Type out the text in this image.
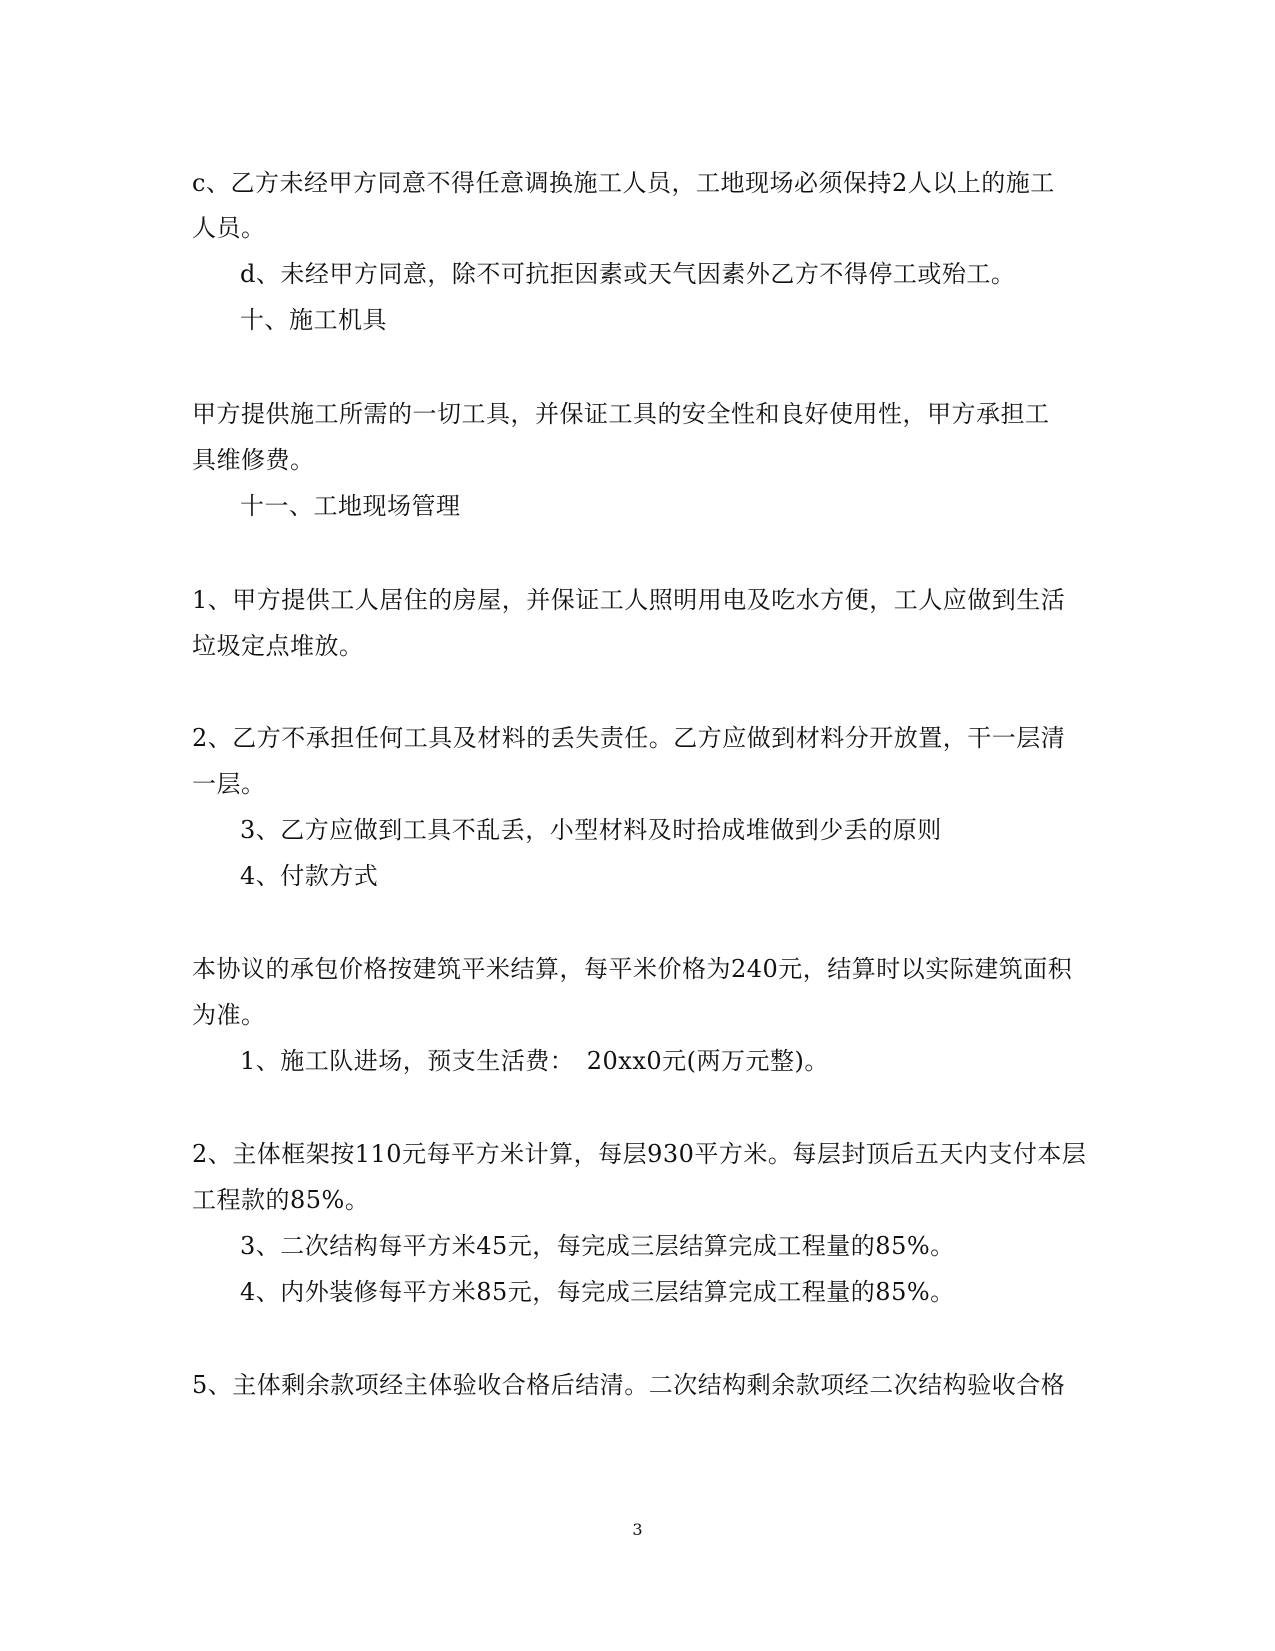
c、乙方未经甲方同意不得任意调换施工人员，工地现场必须保持2人以上的施工
人员。
d、未经甲方同意，除不可抗拒因素或天气因素外乙方不得停工或殆工。
十、施工机具
甲方提供施工所需的一切工具，并保证工具的安全性和良好使用性，甲方承担工
具维修费。
十一、工地现场管理
1、甲方提供工人居住的房屋，并保证工人照明用电及吃水方便，工人应做到生活
垃圾定点堆放。
2、乙方不承担任何工具及材料的丢失责任。乙方应做到材料分开放置，干一层清
一层。
3、乙方应做到工具不乱丢，小型材料及时拾成堆做到少丢的原则
4、付款方式
本协议的承包价格按建筑平米结算，每平米价格为240元，结算时以实际建筑面积
为准。
1、施工队进场，预支生活费：　20xx0元(两万元整)。
2、主体框架按110元每平方米计算，每层930平方米。每层封顶后五天内支付本层
工程款的85%。
3、二次结构每平方米45元，每完成三层结算完成工程量的85%。
4、内外装修每平方米85元，每完成三层结算完成工程量的85%。
5、主体剩余款项经主体验收合格后结清。二次结构剩余款项经二次结构验收合格
3
